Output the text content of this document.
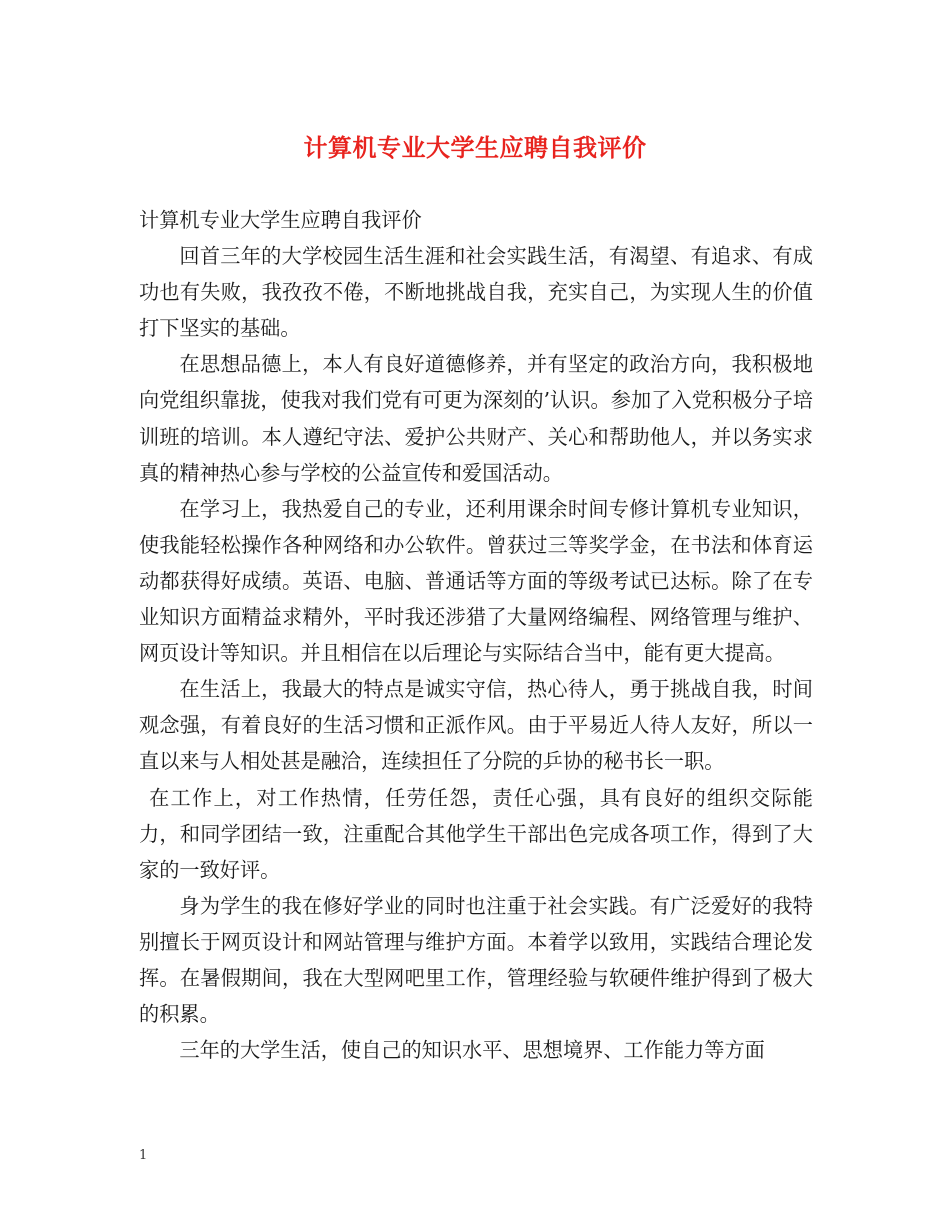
计算机专业大学生应聘自我评价

计算机专业大学生应聘自我评价

回首三年的大学校园生活生涯和社会实践生活，有渴望、有追求、有成功也有失败，我孜孜不倦，不断地挑战自我，充实自己，为实现人生的价值打下坚实的基础。

在思想品德上，本人有良好道德修养，并有坚定的政治方向，我积极地向党组织靠拢，使我对我们党有可更为深刻的’认识。参加了入党积极分子培训班的培训。本人遵纪守法、爱护公共财产、关心和帮助他人，并以务实求真的精神热心参与学校的公益宣传和爱国活动。

在学习上，我热爱自己的专业，还利用课余时间专修计算机专业知识，使我能轻松操作各种网络和办公软件。曾获过三等奖学金，在书法和体育运动都获得好成绩。英语、电脑、普通话等方面的等级考试已达标。除了在专业知识方面精益求精外，平时我还涉猎了大量网络编程、网络管理与维护、网页设计等知识。并且相信在以后理论与实际结合当中，能有更大提高。

在生活上，我最大的特点是诚实守信，热心待人，勇于挑战自我，时间观念强，有着良好的生活习惯和正派作风。由于平易近人待人友好，所以一直以来与人相处甚是融洽，连续担任了分院的乒协的秘书长一职。

在工作上，对工作热情，任劳任怨，责任心强，具有良好的组织交际能力，和同学团结一致，注重配合其他学生干部出色完成各项工作，得到了大家的一致好评。

身为学生的我在修好学业的同时也注重于社会实践。有广泛爱好的我特别擅长于网页设计和网站管理与维护方面。本着学以致用，实践结合理论发挥。在暑假期间，我在大型网吧里工作，管理经验与软硬件维护得到了极大的积累。

三年的大学生活，使自己的知识水平、思想境界、工作能力等方面

1
